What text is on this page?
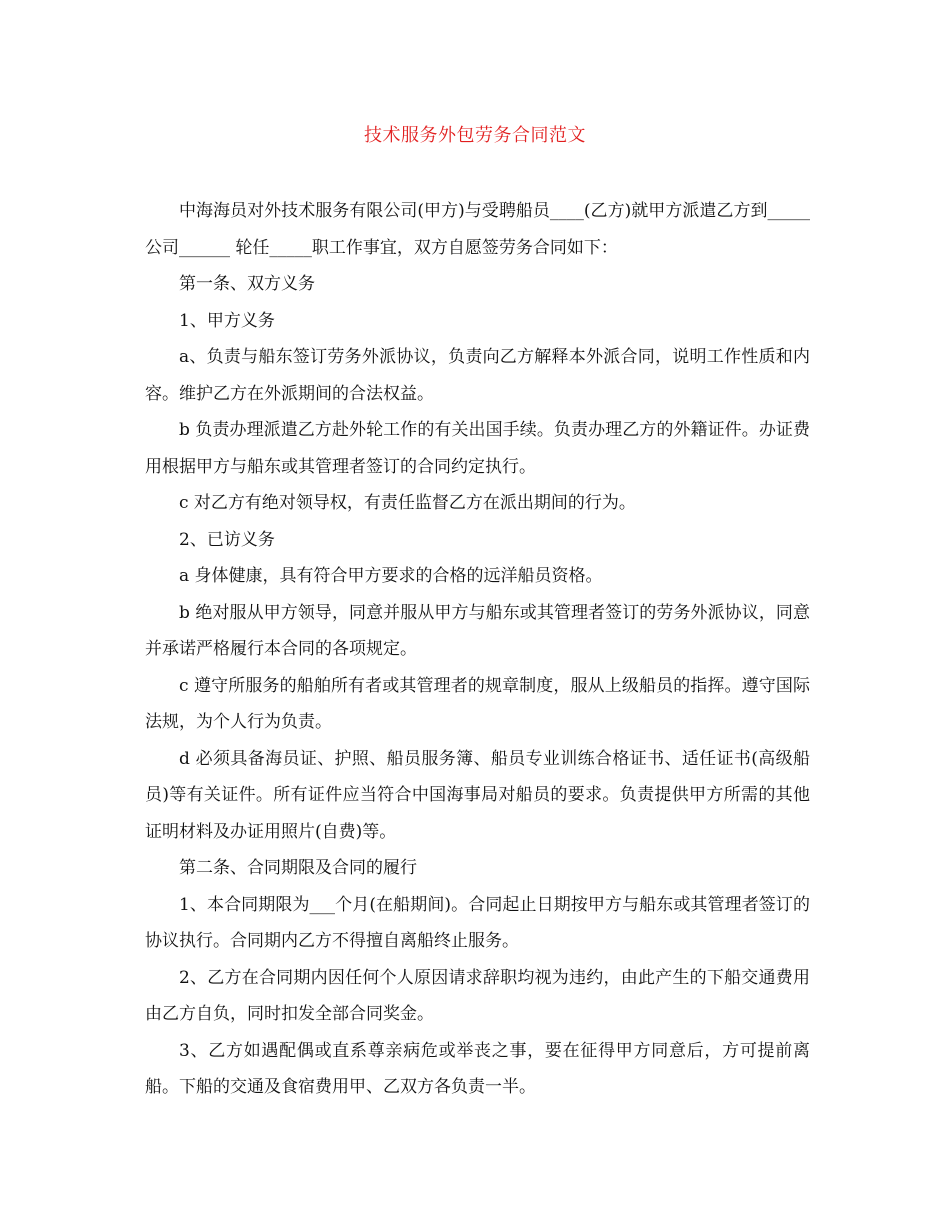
技术服务外包劳务合同范文

中海海员对外技术服务有限公司(甲方)与受聘船员____(乙方)就甲方派遣乙方到_____公司______ 轮任_____职工作事宜，双方自愿签劳务合同如下：

第一条、双方义务

1、甲方义务

a、负责与船东签订劳务外派协议，负责向乙方解释本外派合同，说明工作性质和内容。维护乙方在外派期间的合法权益。

b 负责办理派遣乙方赴外轮工作的有关出国手续。负责办理乙方的外籍证件。办证费用根据甲方与船东或其管理者签订的合同约定执行。

c 对乙方有绝对领导权，有责任监督乙方在派出期间的行为。

2、已访义务

a 身体健康，具有符合甲方要求的合格的远洋船员资格。

b 绝对服从甲方领导，同意并服从甲方与船东或其管理者签订的劳务外派协议，同意并承诺严格履行本合同的各项规定。

c 遵守所服务的船舶所有者或其管理者的规章制度，服从上级船员的指挥。遵守国际法规，为个人行为负责。

d 必须具备海员证、护照、船员服务簿、船员专业训练合格证书、适任证书(高级船员)等有关证件。所有证件应当符合中国海事局对船员的要求。负责提供甲方所需的其他证明材料及办证用照片(自费)等。

第二条、合同期限及合同的履行

1、本合同期限为___个月(在船期间)。合同起止日期按甲方与船东或其管理者签订的协议执行。合同期内乙方不得擅自离船终止服务。

2、乙方在合同期内因任何个人原因请求辞职均视为违约，由此产生的下船交通费用由乙方自负，同时扣发全部合同奖金。

3、乙方如遇配偶或直系尊亲病危或举丧之事，要在征得甲方同意后，方可提前离船。下船的交通及食宿费用甲、乙双方各负责一半。
